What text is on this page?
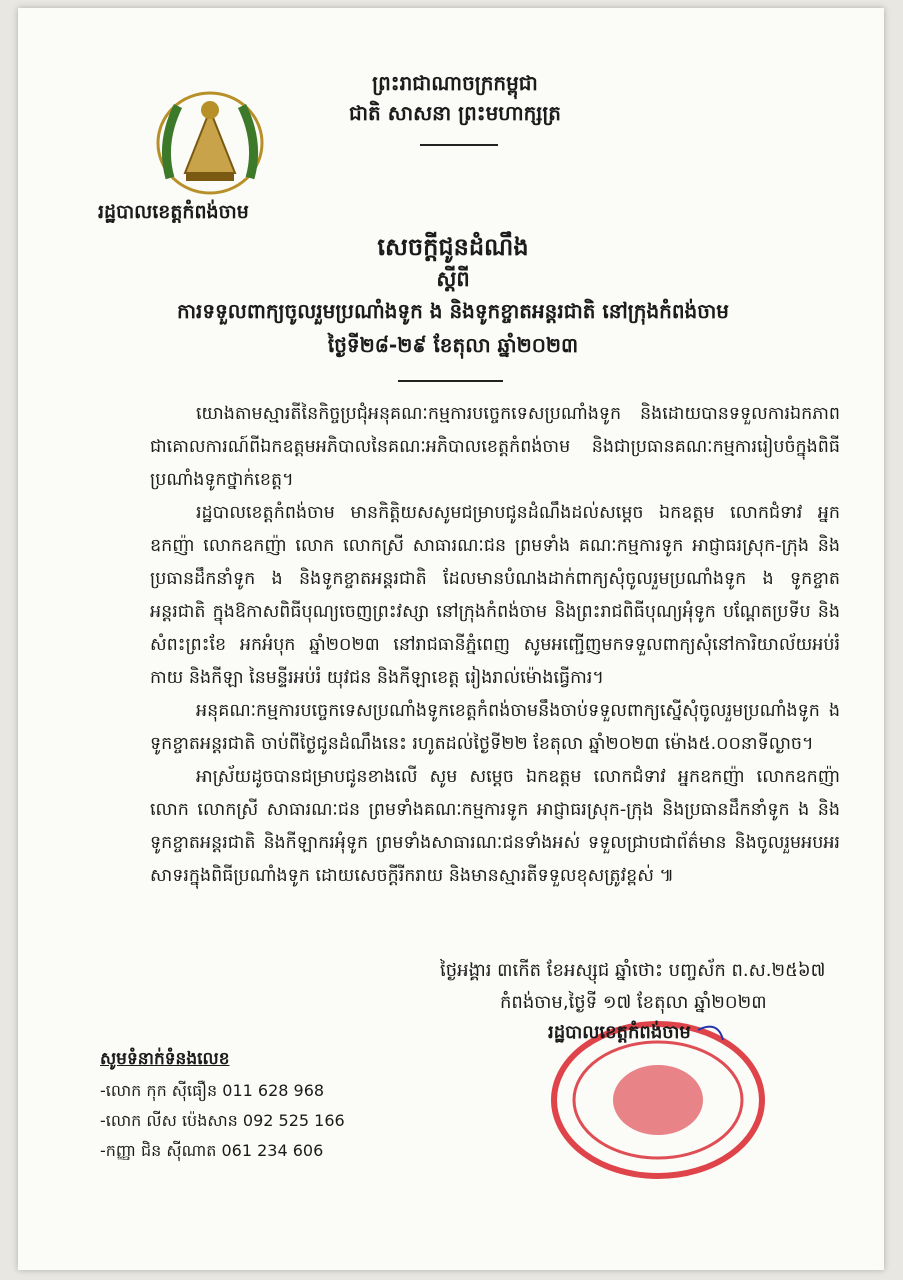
ព្រះរាជាណាចក្រកម្ពុជា
ជាតិ សាសនា ព្រះមហាក្សត្រ
រដ្ឋបាលខេត្តកំពង់ចាម
សេចក្តីជូនដំណឹង
ស្តីពី
ការទទួលពាក្យចូលរួមប្រណាំងទូក ង និងទូកខ្ចាតអន្តរជាតិ នៅក្រុងកំពង់ចាម
ថ្ងៃទី២៨-២៩ ខែតុលា ឆ្នាំ២០២៣

យោងតាមស្មារតីនៃកិច្ចប្រជុំអនុគណៈកម្មការបច្ចេកទេសប្រណាំងទូក និងដោយបានទទួលការឯកភាពជាគោលការណ៍ពីឯកឧត្តមអភិបាលនៃគណៈអភិបាលខេត្តកំពង់ចាម និងជាប្រធានគណៈកម្មការរៀបចំក្នុងពិធីប្រណាំងទូកថ្នាក់ខេត្ត។

រដ្ឋបាលខេត្តកំពង់ចាម មានកិត្តិយសសូមជម្រាបជូនដំណឹងដល់សម្តេច ឯកឧត្តម លោកជំទាវ អ្នកឧកញ៉ា លោកឧកញ៉ា លោក លោកស្រី សាធារណៈជន ព្រមទាំង គណៈកម្មការទូក អាជ្ញាធរស្រុក-ក្រុង និងប្រធានដឹកនាំទូក ង និងទូកខ្ចាតអន្តរជាតិ ដែលមានបំណងដាក់ពាក្យសុំចូលរួមប្រណាំងទូក ង ទូកខ្ចាតអន្តរជាតិ ក្នុងឱកាសពិធីបុណ្យចេញព្រះវស្សា នៅក្រុងកំពង់ចាម និងព្រះរាជពិធីបុណ្យអុំទូក បណ្តែតប្រទីប និងសំពះព្រះខែ អកអំបុក ឆ្នាំ២០២៣ នៅរាជធានីភ្នំពេញ សូមអញ្ជើញមកទទួលពាក្យសុំនៅការិយាល័យអប់រំកាយ និងកីឡា នៃមន្ទីរអប់រំ យុវជន និងកីឡាខេត្ត រៀងរាល់ម៉ោងធ្វើការ។

អនុគណៈកម្មការបច្ចេកទេសប្រណាំងទូកខេត្តកំពង់ចាមនឹងចាប់ទទួលពាក្យស្នើសុំចូលរួមប្រណាំងទូក ង ទូកខ្ចាតអន្តរជាតិ ចាប់ពីថ្ងៃជូនដំណឹងនេះ រហូតដល់ថ្ងៃទី២២ ខែតុលា ឆ្នាំ២០២៣ ម៉ោង៥.០០នាទីល្ងាច។

អាស្រ័យដូចបានជម្រាបជូនខាងលើ សូម សម្តេច ឯកឧត្តម លោកជំទាវ អ្នកឧកញ៉ា លោកឧកញ៉ា លោក លោកស្រី សាធារណៈជន ព្រមទាំងគណៈកម្មការទូក អាជ្ញាធរស្រុក-ក្រុង និងប្រធានដឹកនាំទូក ង និងទូកខ្ចាតអន្តរជាតិ និងកីឡាករអុំទូក ព្រមទាំងសាធារណៈជនទាំងអស់ ទទួលជ្រាបជាព័ត៌មាន និងចូលរួមអបអរសាទរក្នុងពិធីប្រណាំងទូក ដោយសេចក្តីរីករាយ និងមានស្មារតីទទួលខុសត្រូវខ្ពស់ ៕

ថ្ងៃអង្គារ ៣កើត ខែអស្សុជ ឆ្នាំថោះ បញ្ចស័ក ព.ស.២៥៦៧
កំពង់ចាម,ថ្ងៃទី ១៧ ខែតុលា ឆ្នាំ២០២៣
រដ្ឋបាលខេត្តកំពង់ចាម
សូមទំនាក់ទំនងលេខ
-លោក កុក ស៊ីធឿន 011 628 968
-លោក លីស ប៉េងសាន 092 525 166
-កញ្ញា ជិន ស៊ីណាត 061 234 606
